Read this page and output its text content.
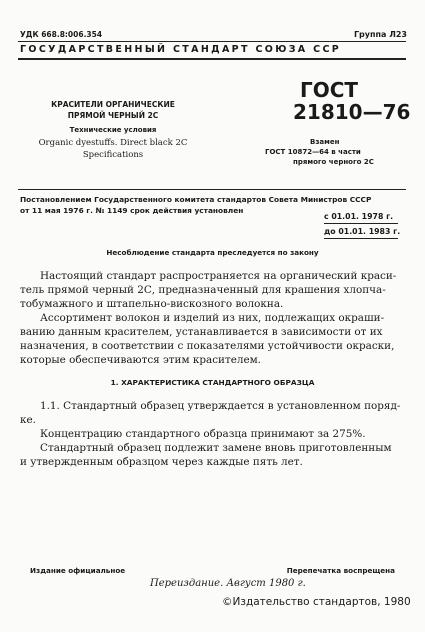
УДК 668.8:006.354	Группа Л23
ГОСУДАРСТВЕННЫЙ СТАНДАРТ СОЮЗА ССР
КРАСИТЕЛИ ОРГАНИЧЕСКИЕ
ПРЯМОЙ ЧЕРНЫЙ 2С
Технические условия
Organic dyestuffs. Direct black 2C
Specifications
ГОСТ
21810—76
Взамен
ГОСТ 10872—64 в части
прямого черного 2С
Постановлением Государственного комитета стандартов Совета Министров СССР
от 11 мая 1976 г. № 1149 срок действия установлен
с 01.01. 1978 г.
до 01.01. 1983 г.
Несоблюдение стандарта преследуется по закону
Настоящий стандарт распространяется на органический краси-
тель прямой черный 2С, предназначенный для крашения хлопча-
тобумажного и штапельно-вискозного волокна.
Ассортимент волокон и изделий из них, подлежащих окраши-
ванию данным красителем, устанавливается в зависимости от их
назначения, в соответствии с показателями устойчивости окраски,
которые обеспечиваются этим красителем.
1. ХАРАКТЕРИСТИКА СТАНДАРТНОГО ОБРАЗЦА
1.1. Стандартный образец утверждается в установленном поряд-
ке.
Концентрацию стандартного образца принимают за 275%.
Стандартный образец подлежит замене вновь приготовленным
и утвержденным образцом через каждые пять лет.
Издание официальное	Перепечатка воспрещена
Переиздание. Август 1980 г.
©Издательство стандартов, 1980
